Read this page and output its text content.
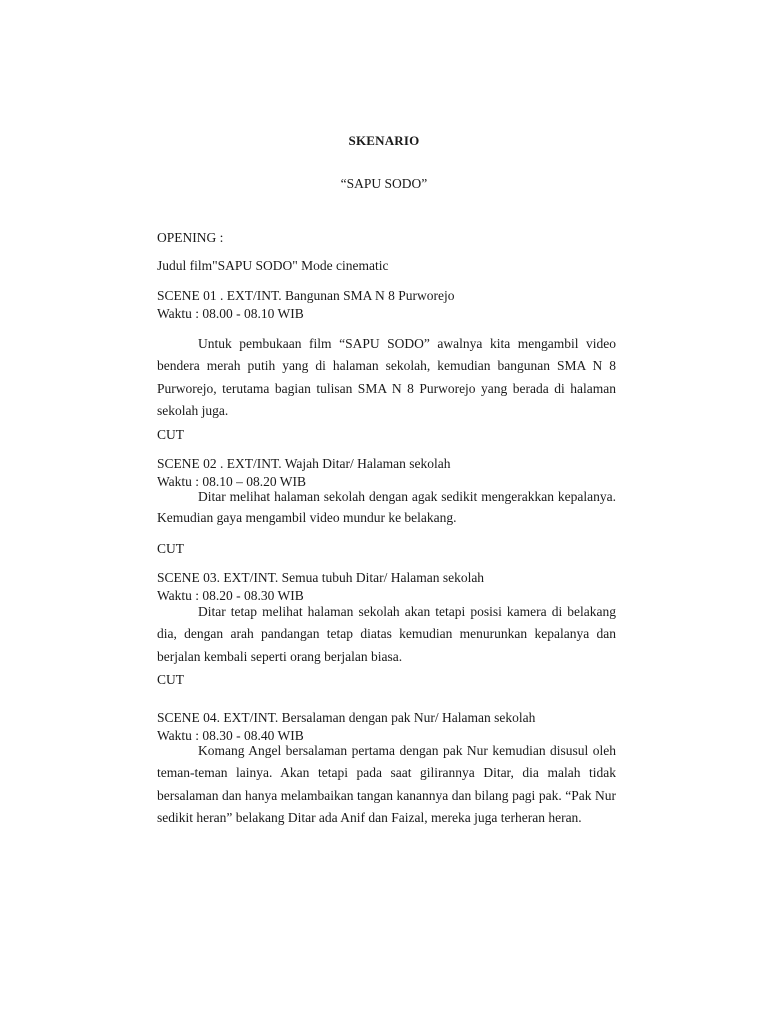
SKENARIO
“SAPU SODO”
OPENING :
Judul film"SAPU SODO" Mode cinematic
SCENE 01 . EXT/INT. Bangunan SMA N 8 Purworejo
Waktu : 08.00 - 08.10 WIB
Untuk pembukaan film “SAPU SODO” awalnya kita mengambil video bendera merah putih yang di halaman sekolah, kemudian bangunan SMA N 8 Purworejo, terutama bagian tulisan SMA N 8 Purworejo yang berada di halaman sekolah juga.
CUT
SCENE 02 . EXT/INT. Wajah Ditar/ Halaman sekolah
Waktu : 08.10 – 08.20 WIB
Ditar melihat halaman sekolah dengan agak sedikit mengerakkan kepalanya. Kemudian gaya mengambil video mundur ke belakang.
CUT
SCENE 03. EXT/INT. Semua tubuh Ditar/ Halaman sekolah
Waktu : 08.20 - 08.30 WIB
Ditar tetap melihat halaman sekolah akan tetapi posisi kamera di belakang dia, dengan arah pandangan tetap diatas kemudian menurunkan kepalanya dan berjalan kembali seperti orang berjalan biasa.
CUT
SCENE 04. EXT/INT. Bersalaman dengan pak Nur/ Halaman sekolah
Waktu : 08.30 - 08.40 WIB
Komang Angel bersalaman pertama dengan pak Nur kemudian disusul oleh teman-teman lainya. Akan tetapi pada saat gilirannya Ditar, dia malah tidak bersalaman dan hanya melambaikan tangan kanannya dan bilang pagi pak. “Pak Nur sedikit heran” belakang Ditar ada Anif dan Faizal, mereka juga terheran heran.
